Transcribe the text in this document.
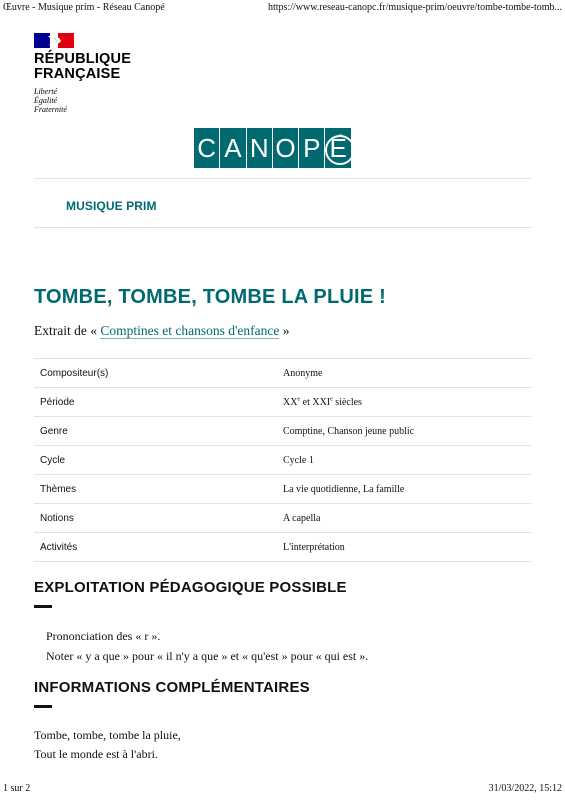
Œuvre - Musique prim - Réseau Canopé	https://www.reseau-canopc.fr/musique-prim/oeuvre/tombe-tombe-tomb...
RÉPUBLIQUE
FRANÇAISE
Liberté
Égalité
Fraternité
C A N O P É
MUSIQUE PRIM
TOMBE, TOMBE, TOMBE LA PLUIE !
Extrait de « Comptines et chansons d'enfance »
Compositeur(s)	Anonyme
Période	XXe et XXIe siècles
Genre	Comptine, Chanson jeune public
Cycle	Cycle 1
Thèmes	La vie quotidienne, La famille
Notions	A capella
Activités	L'interprétation
EXPLOITATION PÉDAGOGIQUE POSSIBLE
Prononciation des « r ».
Noter « y a que » pour « il n'y a que » et « qu'est » pour « qui est ».
INFORMATIONS COMPLÉMENTAIRES
Tombe, tombe, tombe la pluie,
Tout le monde est à l'abri.
1 sur 2	31/03/2022, 15:12
